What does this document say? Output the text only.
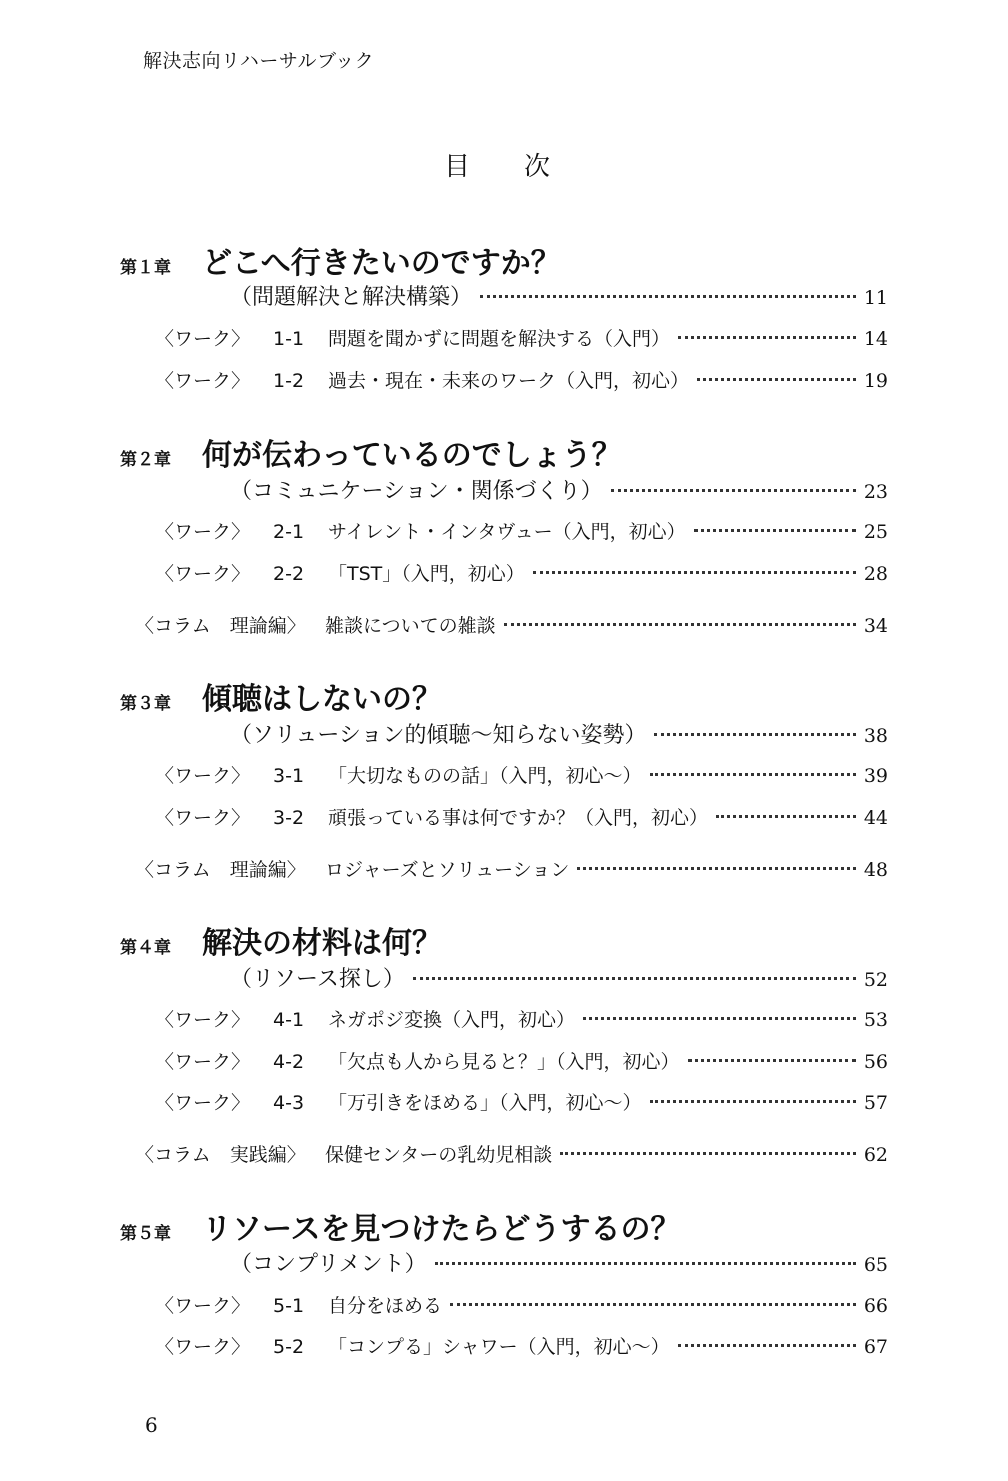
解決志向リハーサルブック
目　次
第１章	どこへ行きたいのですか？
（問題解決と解決構築）	11
〈ワーク〉	1-1	問題を聞かずに問題を解決する（入門）	14
〈ワーク〉	1-2	過去・現在・未来のワーク（入門，初心）	19
第２章	何が伝わっているのでしょう？
（コミュニケーション・関係づくり）	23
〈ワーク〉	2-1	サイレント・インタヴュー（入門，初心）	25
〈ワーク〉	2-2	「TST」（入門，初心）	28
〈コラム　理論編〉	雑談についての雑談	34
第３章	傾聴はしないの？
（ソリューション的傾聴〜知らない姿勢）	38
〈ワーク〉	3-1	「大切なものの話」（入門，初心〜）	39
〈ワーク〉	3-2	頑張っている事は何ですか？（入門，初心）	44
〈コラム　理論編〉	ロジャーズとソリューション	48
第４章	解決の材料は何？
（リソース探し）	52
〈ワーク〉	4-1	ネガポジ変換（入門，初心）	53
〈ワーク〉	4-2	「欠点も人から見ると？」（入門，初心）	56
〈ワーク〉	4-3	「万引きをほめる」（入門，初心〜）	57
〈コラム　実践編〉	保健センターの乳幼児相談	62
第５章	リソースを見つけたらどうするの？
（コンプリメント）	65
〈ワーク〉	5-1	自分をほめる	66
〈ワーク〉	5-2	「コンプる」シャワー（入門，初心〜）	67
6
